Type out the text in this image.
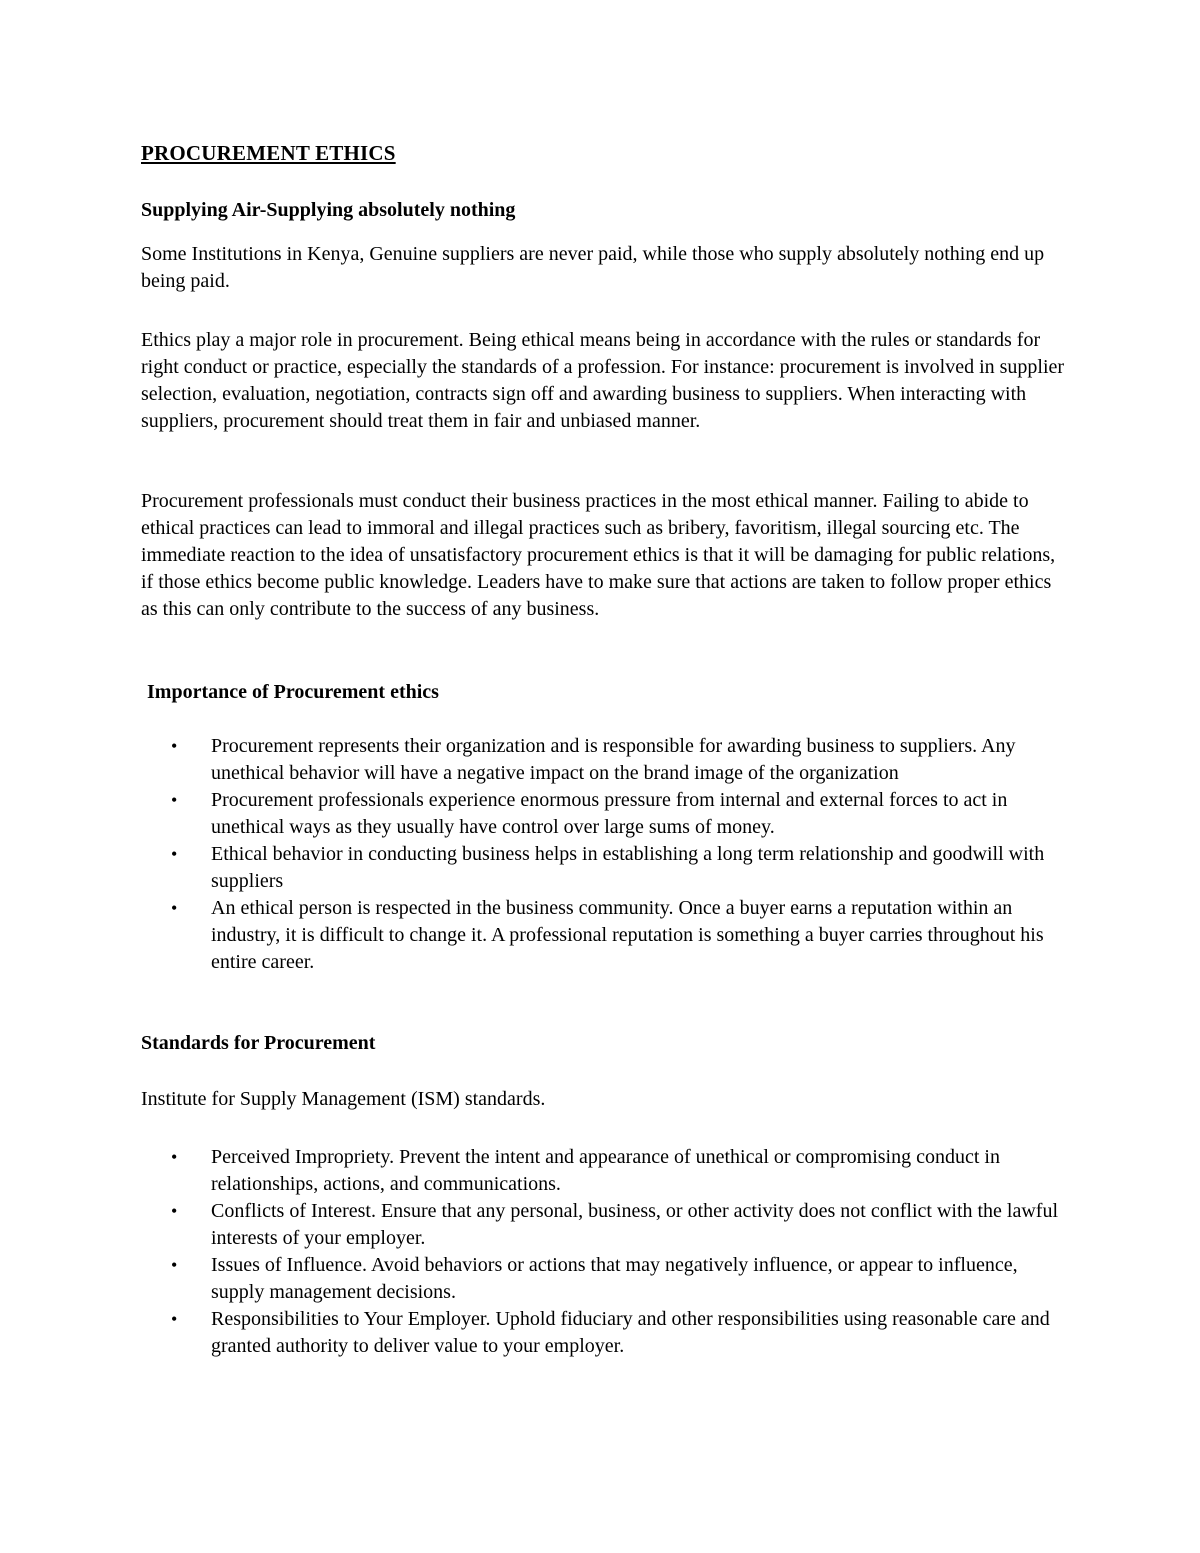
PROCUREMENT ETHICS
Supplying Air-Supplying absolutely nothing
Some Institutions in Kenya, Genuine suppliers are never paid, while those who supply absolutely nothing end up being paid.
Ethics play a major role in procurement. Being ethical means being in accordance with the rules or standards for right conduct or practice, especially the standards of a profession. For instance: procurement is involved in supplier selection, evaluation, negotiation, contracts sign off and awarding business to suppliers. When interacting with suppliers, procurement should treat them in fair and unbiased manner.
Procurement professionals must conduct their business practices in the most ethical manner. Failing to abide to ethical practices can lead to immoral and illegal practices such as bribery, favoritism, illegal sourcing etc. The immediate reaction to the idea of unsatisfactory procurement ethics is that it will be damaging for public relations, if those ethics become public knowledge. Leaders have to make sure that actions are taken to follow proper ethics as this can only contribute to the success of any business.
Importance of Procurement ethics
• Procurement represents their organization and is responsible for awarding business to suppliers. Any unethical behavior will have a negative impact on the brand image of the organization
• Procurement professionals experience enormous pressure from internal and external forces to act in unethical ways as they usually have control over large sums of money.
• Ethical behavior in conducting business helps in establishing a long term relationship and goodwill with suppliers
• An ethical person is respected in the business community. Once a buyer earns a reputation within an industry, it is difficult to change it. A professional reputation is something a buyer carries throughout his entire career.
Standards for Procurement
Institute for Supply Management (ISM) standards.
• Perceived Impropriety. Prevent the intent and appearance of unethical or compromising conduct in relationships, actions, and communications.
• Conflicts of Interest. Ensure that any personal, business, or other activity does not conflict with the lawful interests of your employer.
• Issues of Influence. Avoid behaviors or actions that may negatively influence, or appear to influence, supply management decisions.
• Responsibilities to Your Employer. Uphold fiduciary and other responsibilities using reasonable care and granted authority to deliver value to your employer.
